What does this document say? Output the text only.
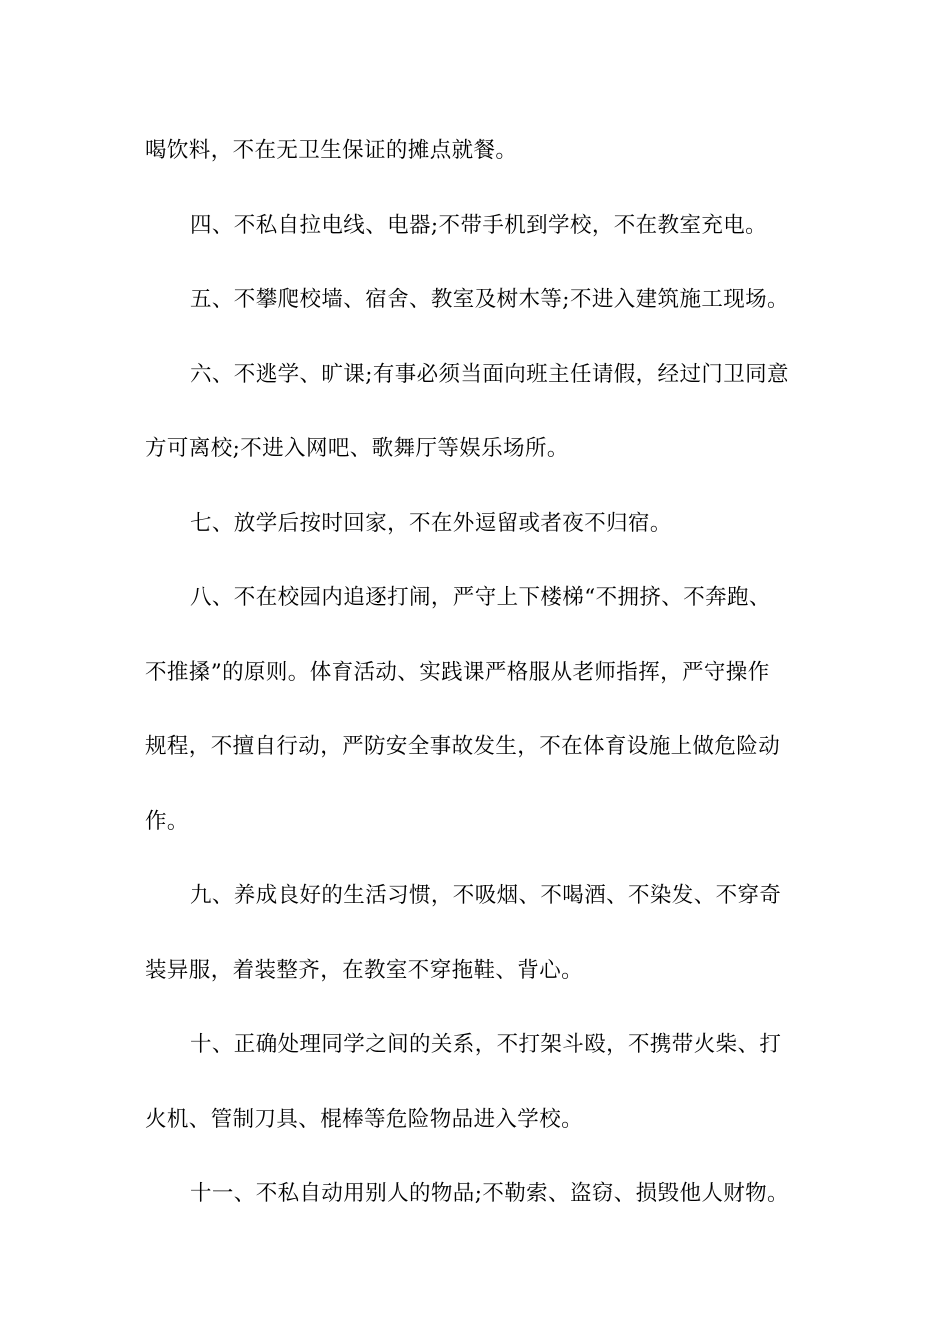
喝饮料，不在无卫生保证的摊点就餐。
四、不私自拉电线、电器;不带手机到学校，不在教室充电。
五、不攀爬校墙、宿舍、教室及树木等;不进入建筑施工现场。
六、不逃学、旷课;有事必须当面向班主任请假，经过门卫同意
方可离校;不进入网吧、歌舞厅等娱乐场所。
七、放学后按时回家，不在外逗留或者夜不归宿。
八、不在校园内追逐打闹，严守上下楼梯“不拥挤、不奔跑、
不推搡”的原则。体育活动、实践课严格服从老师指挥，严守操作
规程，不擅自行动，严防安全事故发生，不在体育设施上做危险动
作。
九、养成良好的生活习惯，不吸烟、不喝酒、不染发、不穿奇
装异服，着装整齐，在教室不穿拖鞋、背心。
十、正确处理同学之间的关系，不打架斗殴，不携带火柴、打
火机、管制刀具、棍棒等危险物品进入学校。
十一、不私自动用别人的物品;不勒索、盗窃、损毁他人财物。
